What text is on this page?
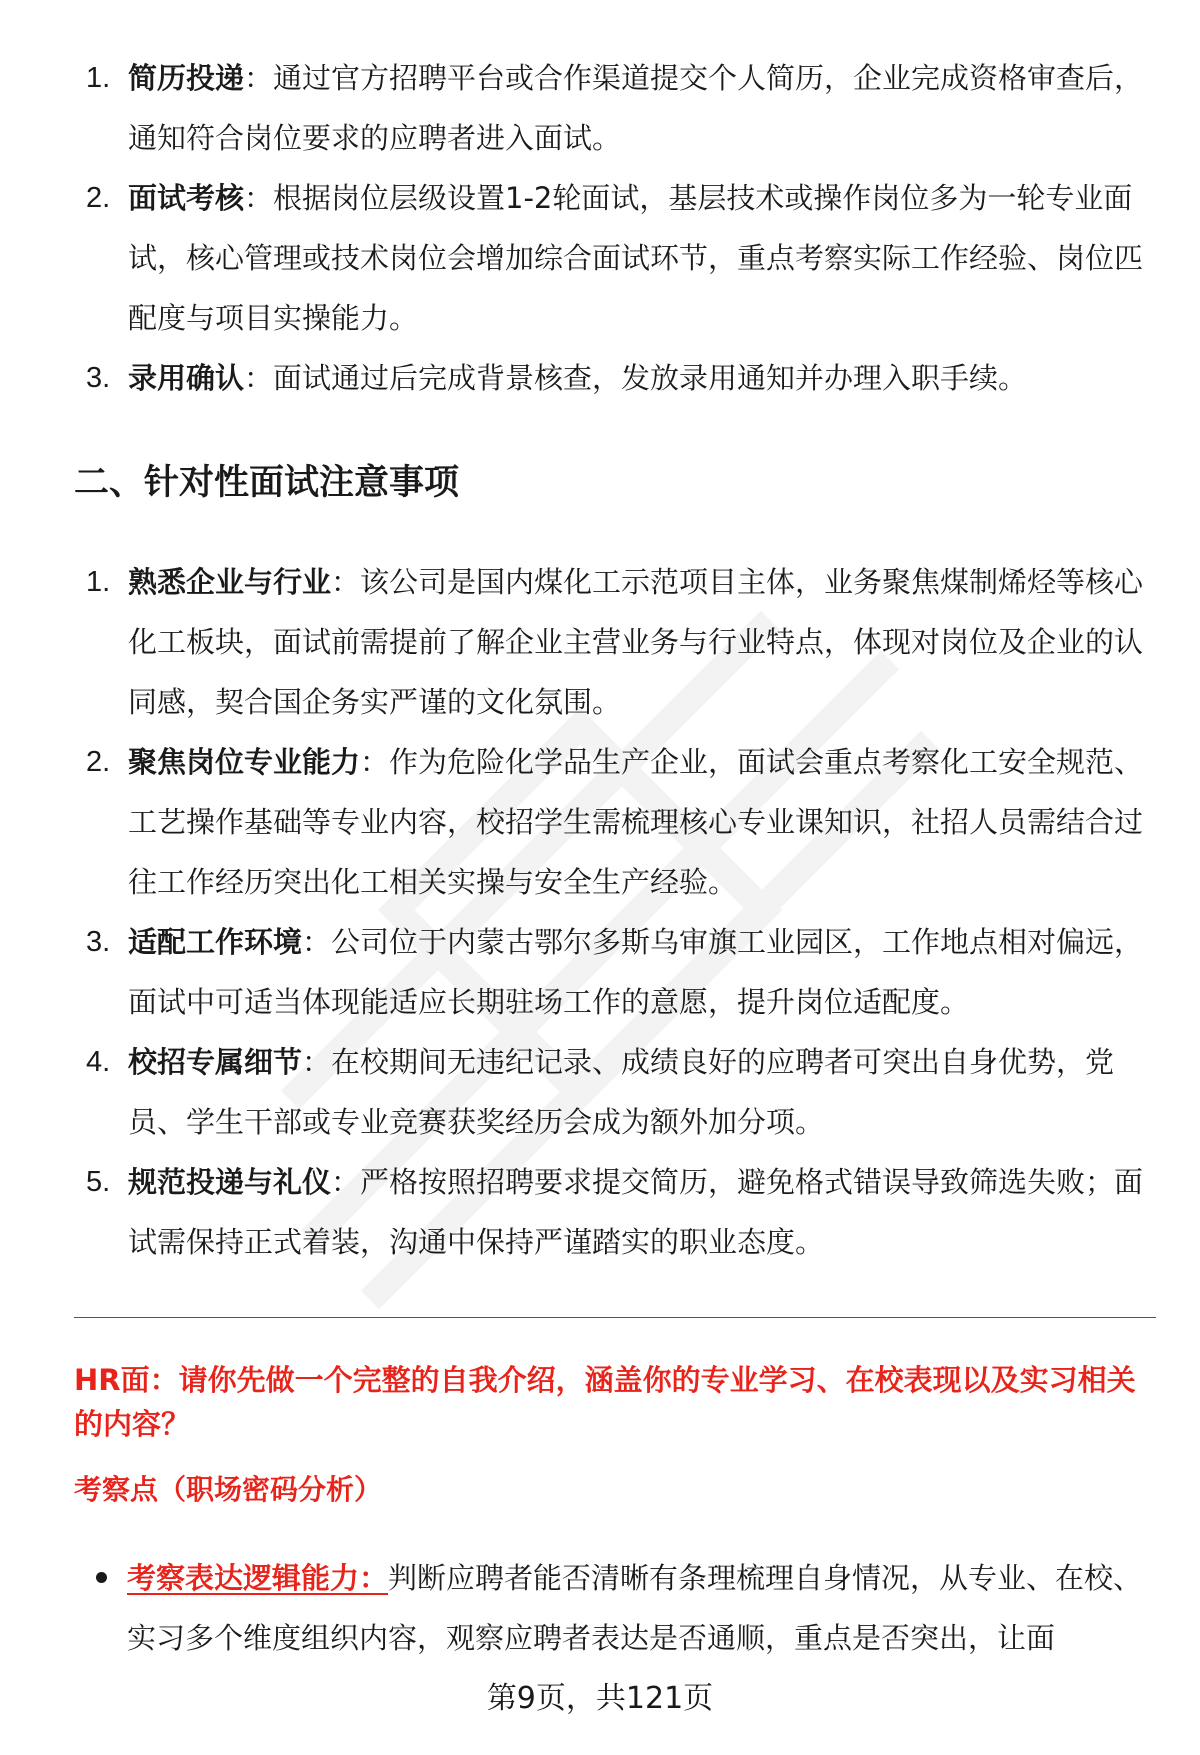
1. 简历投递：通过官方招聘平台或合作渠道提交个人简历，企业完成资格审查后，通知符合岗位要求的应聘者进入面试。
2. 面试考核：根据岗位层级设置1-2轮面试，基层技术或操作岗位多为一轮专业面试，核心管理或技术岗位会增加综合面试环节，重点考察实际工作经验、岗位匹配度与项目实操能力。
3. 录用确认：面试通过后完成背景核查，发放录用通知并办理入职手续。
二、针对性面试注意事项
1. 熟悉企业与行业：该公司是国内煤化工示范项目主体，业务聚焦煤制烯烃等核心化工板块，面试前需提前了解企业主营业务与行业特点，体现对岗位及企业的认同感，契合国企务实严谨的文化氛围。
2. 聚焦岗位专业能力：作为危险化学品生产企业，面试会重点考察化工安全规范、工艺操作基础等专业内容，校招学生需梳理核心专业课知识，社招人员需结合过往工作经历突出化工相关实操与安全生产经验。
3. 适配工作环境：公司位于内蒙古鄂尔多斯乌审旗工业园区，工作地点相对偏远，面试中可适当体现能适应长期驻场工作的意愿，提升岗位适配度。
4. 校招专属细节：在校期间无违纪记录、成绩良好的应聘者可突出自身优势，党员、学生干部或专业竞赛获奖经历会成为额外加分项。
5. 规范投递与礼仪：严格按照招聘要求提交简历，避免格式错误导致筛选失败；面试需保持正式着装，沟通中保持严谨踏实的职业态度。

HR面：请你先做一个完整的自我介绍，涵盖你的专业学习、在校表现以及实习相关的内容？

考察点（职场密码分析）

考察表达逻辑能力：判断应聘者能否清晰有条理梳理自身情况，从专业、在校、实习多个维度组织内容，观察应聘者表达是否通顺，重点是否突出，让面
第9页，共121页
